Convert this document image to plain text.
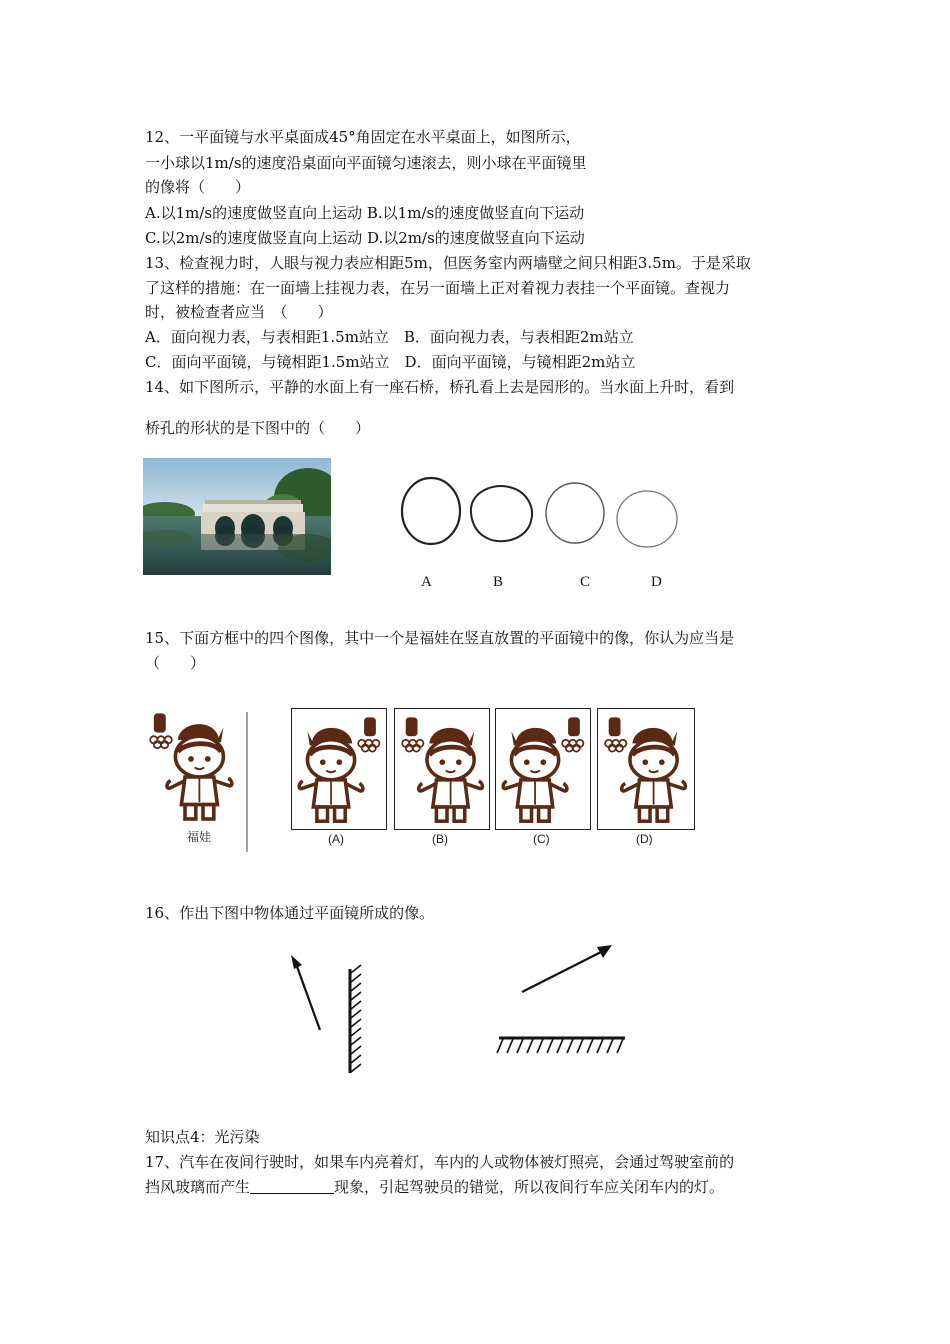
12、一平面镜与水平桌面成45°角固定在水平桌面上，如图所示，
一小球以1m/s的速度沿桌面向平面镜匀速滚去，则小球在平面镜里
的像将（　　）
A.以1m/s的速度做竖直向上运动 B.以1m/s的速度做竖直向下运动
C.以2m/s的速度做竖直向上运动 D.以2m/s的速度做竖直向下运动
13、检查视力时，人眼与视力表应相距5m，但医务室内两墙壁之间只相距3.5m。于是采取
了这样的措施：在一面墙上挂视力表，在另一面墙上正对着视力表挂一个平面镜。查视力
时，被检查者应当　（　　）
A．面向视力表，与表相距1.5m站立　B．面向视力表，与表相距2m站立
C．面向平面镜，与镜相距1.5m站立　D．面向平面镜，与镜相距2m站立
14、如下图所示，平静的水面上有一座石桥，桥孔看上去是园形的。当水面上升时，看到
桥孔的形状的是下图中的（　　）
A	B	C	D
15、下面方框中的四个图像，其中一个是福娃在竖直放置的平面镜中的像，你认为应当是
（　　）
福娃	(A)	(B)	(C)	(D)
16、作出下图中物体通过平面镜所成的像。
知识点4：光污染
17、汽车在夜间行驶时，如果车内亮着灯，车内的人或物体被灯照亮，会通过驾驶室前的
挡风玻璃而产生	现象，引起驾驶员的错觉，所以夜间行车应关闭车内的灯。
